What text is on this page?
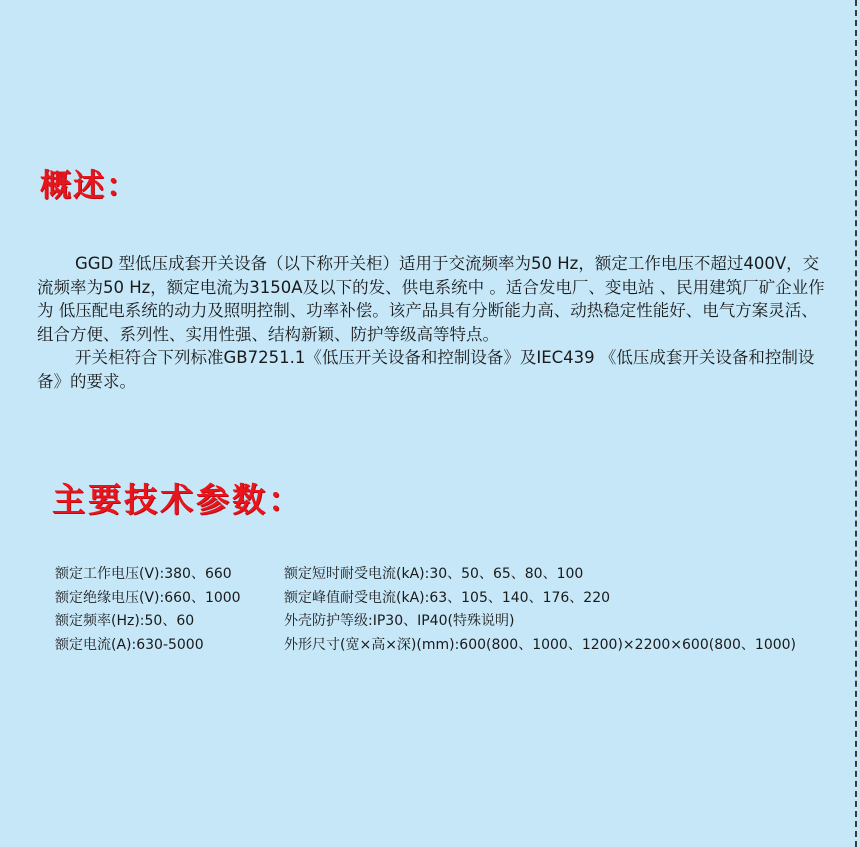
概述：

GGD 型低压成套开关设备（以下称开关柜）适用于交流频率为50 Hz，额定工作电压不超过400V，交流频率为50 Hz，额定电流为3150A及以下的发、供电系统中 。适合发电厂、变电站 、民用建筑厂矿企业作 为 低压配电系统的动力及照明控制、功率补偿。该产品具有分断能力高、动热稳定性能好、电气方案灵活、组合方便、系列性、实用性强、结构新颖、防护等级高等特点。

开关柜符合下列标准GB7251.1《低压开关设备和控制设备》及IEC439 《低压成套开关设备和控制设

备》的要求。

主要技术参数：
额定工作电压(V):380、660
额定绝缘电压(V):660、1000
额定频率(Hz):50、60
额定电流(A):630-5000
额定短时耐受电流(kA):30、50、65、80、100
额定峰值耐受电流(kA):63、105、140、176、220
外壳防护等级:IP30、IP40(特殊说明)
外形尺寸(宽×高×深)(mm):600(800、1000、1200)×2200×600(800、1000)
